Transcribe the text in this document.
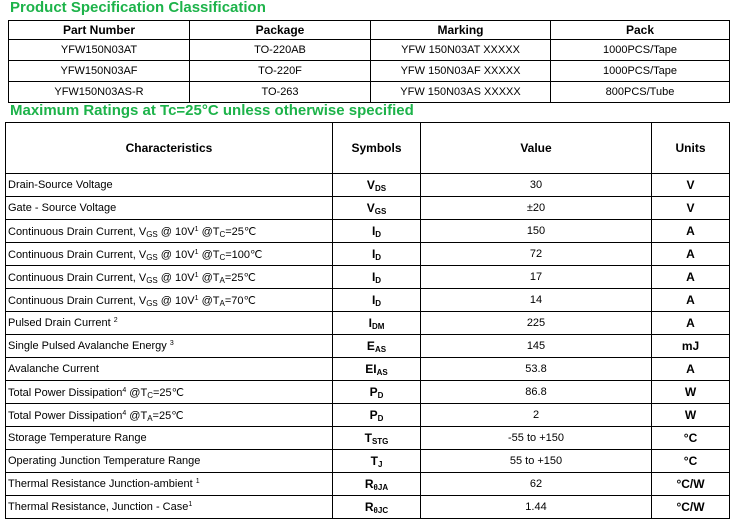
Product Specification Classification
Part Number	Package	Marking	Pack
YFW150N03AT	TO-220AB	YFW 150N03AT XXXXX	1000PCS/Tape
YFW150N03AF	TO-220F	YFW 150N03AF XXXXX	1000PCS/Tape
YFW150N03AS-R	TO-263	YFW 150N03AS XXXXX	800PCS/Tube
Maximum Ratings at Tc=25°C unless otherwise specified
Characteristics	Symbols	Value	Units
Drain-Source Voltage	VDS	30	V
Gate - Source Voltage	VGS	±20	V
Continuous Drain Current, $V_{GS}$ @ $10V^1$ $@T_C=25℃$	ID	150	A
Continuous Drain Current, $V_{GS}$ @ $10V^1$ $@T_C=100℃$	ID	72	A
Continuous Drain Current, $V_{GS}$ @ $10V^1$ $@T_A=25℃$	ID	17	A
Continuous Drain Current, $V_{GS}$ @ $10V^1$ $@T_A=70℃$	ID	14	A
Pulsed Drain Current $^2$	IDM	225	A
Single Pulsed Avalanche Energy $^3$	EAS	145	mJ
Avalanche Current	EIAS	53.8	A
Total Power Dissipation$^4$ $@T_C=25℃$	PD	86.8	W
Total Power Dissipation$^4$ $@T_A=25℃$	PD	2	W
Storage Temperature Range	TSTG	-55 to +150	°C
Operating Junction Temperature Range	TJ	55 to +150	°C
Thermal Resistance Junction-ambient $^1$	RθJA	62	°C/W
Thermal Resistance, Junction - Case$^1$	RθJC	1.44	°C/W
